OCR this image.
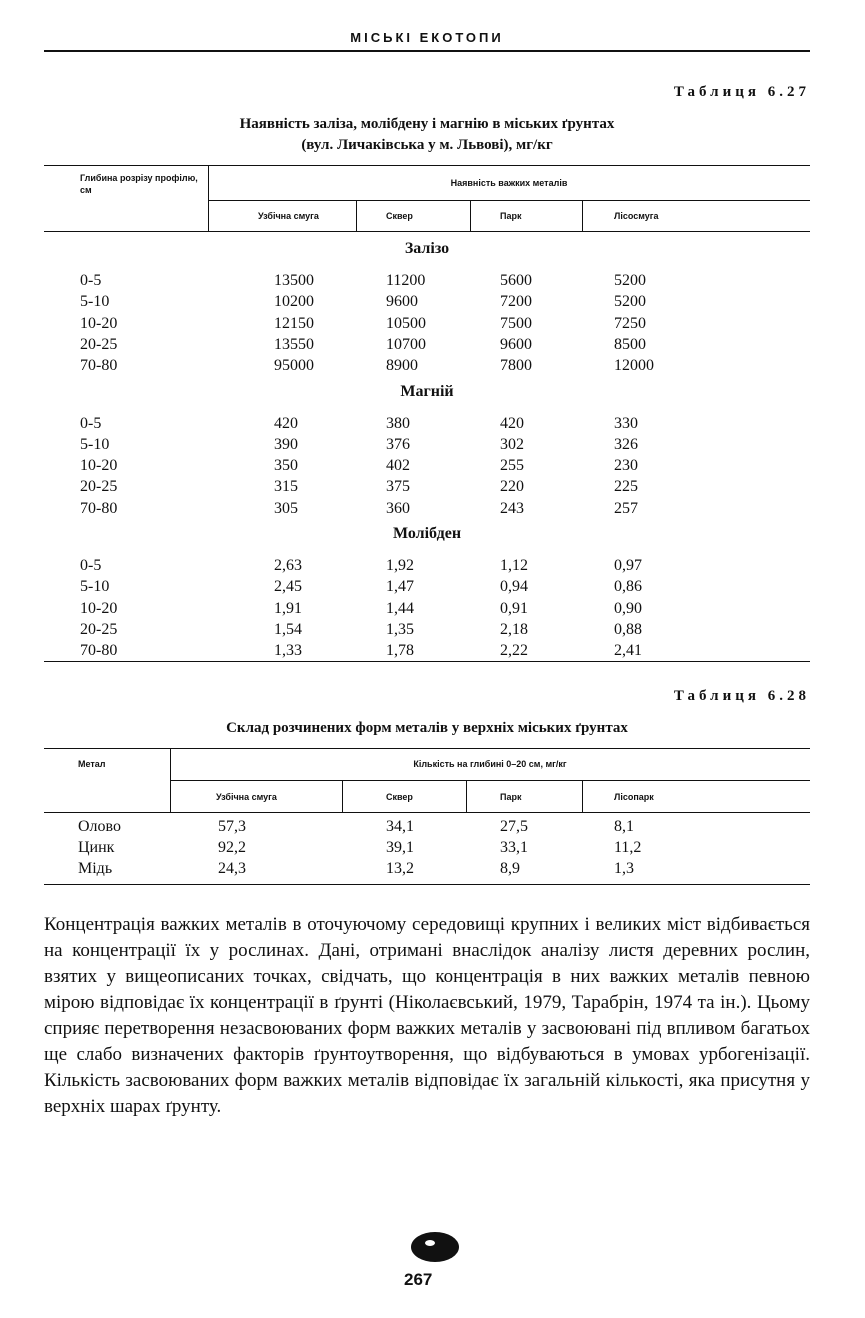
МІСЬКІ ЕКОТОПИ
Таблиця 6.27
Наявність заліза, молібдену і магнію в міських ґрунтах
(вул. Личаківська у м. Львові), мг/кг
Глибина розрізу профілю, см
Наявність важких металів
Узбічна смуга	Сквер	Парк	Лісосмуга
Залізо
0-5	13500	11200	5600	5200
5-10	10200	9600	7200	5200
10-20	12150	10500	7500	7250
20-25	13550	10700	9600	8500
70-80	95000	8900	7800	12000
Магній
0-5	420	380	420	330
5-10	390	376	302	326
10-20	350	402	255	230
20-25	315	375	220	225
70-80	305	360	243	257
Молібден
0-5	2,63	1,92	1,12	0,97
5-10	2,45	1,47	0,94	0,86
10-20	1,91	1,44	0,91	0,90
20-25	1,54	1,35	2,18	0,88
70-80	1,33	1,78	2,22	2,41
Таблиця 6.28
Склад розчинених форм металів у верхніх міських ґрунтах
Метал	Кількість на глибині 0–20 см, мг/кг
Узбічна смуга	Сквер	Парк	Лісопарк
Олово	57,3	34,1	27,5	8,1
Цинк	92,2	39,1	33,1	11,2
Мідь	24,3	13,2	8,9	1,3
Концентрація важких металів в оточуючому середовищі крупних і великих міст відбивається на концентрації їх у рослинах. Дані, отримані внаслідок аналізу листя деревних рослин, взятих у вищеописаних точках, свідчать, що концентрація в них важких металів певною мірою відповідає їх концентрації в ґрунті (Ніколаєвський, 1979, Тарабрін, 1974 та ін.). Цьому сприяє перетворення незасвоюваних форм важких металів у засвоювані під впливом багатьох ще слабо визначених факторів ґрунтоутворення, що відбуваються в умовах урбогенізації. Кількість засвоюваних форм важких металів відповідає їх загальній кількості, яка присутня у верхніх шарах ґрунту.
267
